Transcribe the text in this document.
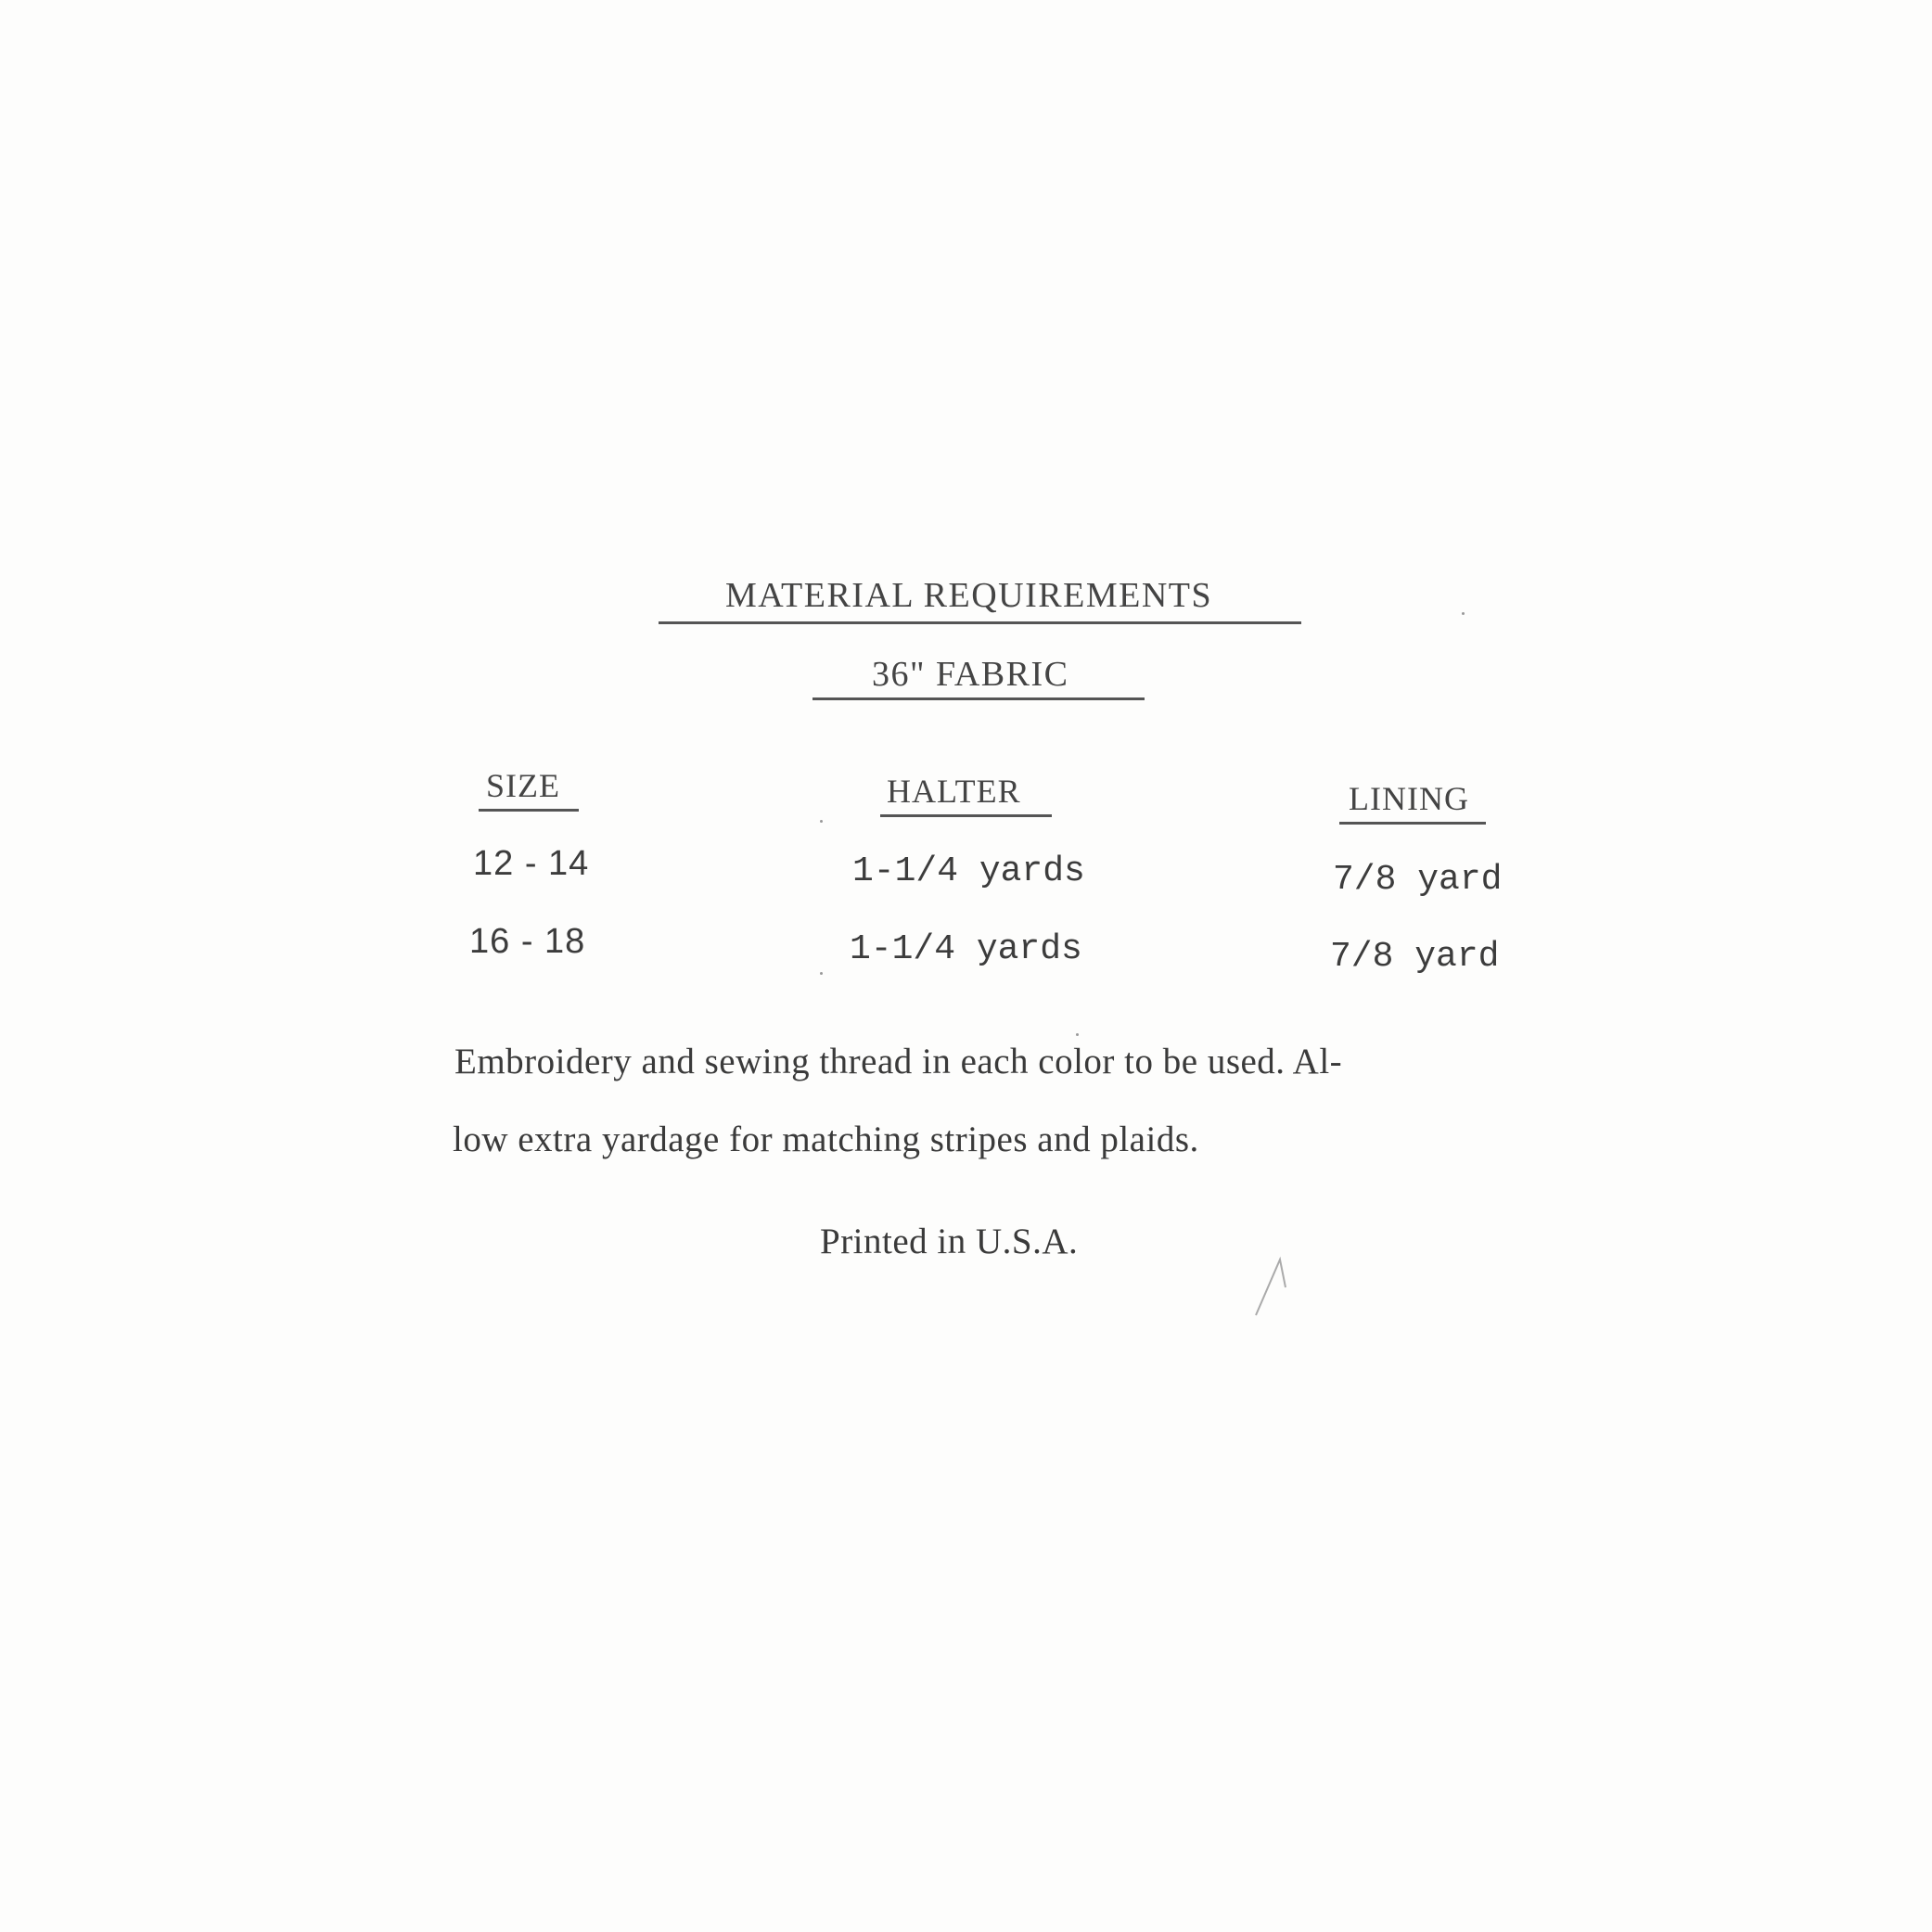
MATERIAL REQUIREMENTS
36" FABRIC
SIZE	HALTER	LINING
12 - 14	1-1/4 yards	7/8 yard
16 - 18	1-1/4 yards	7/8 yard
Embroidery and sewing thread in each color to be used. Al-
low extra yardage for matching stripes and plaids.
Printed in U.S.A.
